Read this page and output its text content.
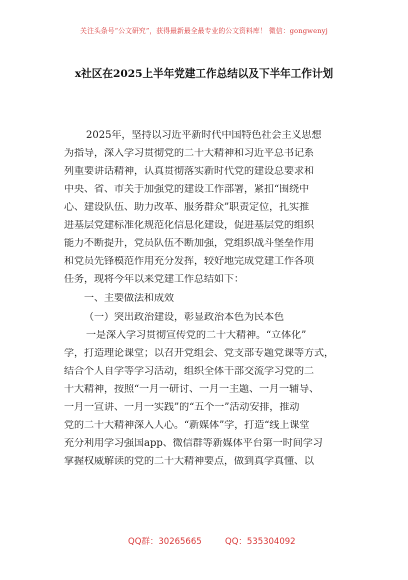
关注头条号“公文研究”，获得最新最全最专业的公文资料库！ 微信：gongwenyj
x社区在2025上半年党建工作总结以及下半年工作计划
2025年，坚持以习近平新时代中国特色社会主义思想
为指导，深入学习贯彻党的二十大精神和习近平总书记系
列重要讲话精神，认真贯彻落实新时代党的建设总要求和
中央、省、市关于加强党的建设工作部署，紧扣“围绕中
心、建设队伍、助力改革、服务群众”职责定位，扎实推
进基层党建标准化规范化信息化建设，促进基层党的组织
能力不断提升，党员队伍不断加强，党组织战斗堡垒作用
和党员先锋模范作用充分发挥，较好地完成党建工作各项
任务，现将今年以来党建工作总结如下：
一、主要做法和成效
（一）突出政治建设，彰显政治本色为民本色
一是深入学习贯彻宣传党的二十大精神。“立体化”
学，打造理论课堂；以召开党组会、党支部专题党课等方式，
结合个人自学等学习活动，组织全体干部交流学习党的二
十大精神，按照“一月一研讨、一月一主题、一月一辅导、
一月一宣讲、一月一实践”的“五个一”活动安排，推动
党的二十大精神深入人心。“新媒体”学，打造“线上课堂
充分利用学习强国app、微信群等新媒体平台第一时间学习
掌握权威解读的党的二十大精神要点，做到真学真懂、以
QQ群：30265665	QQ：535304092
